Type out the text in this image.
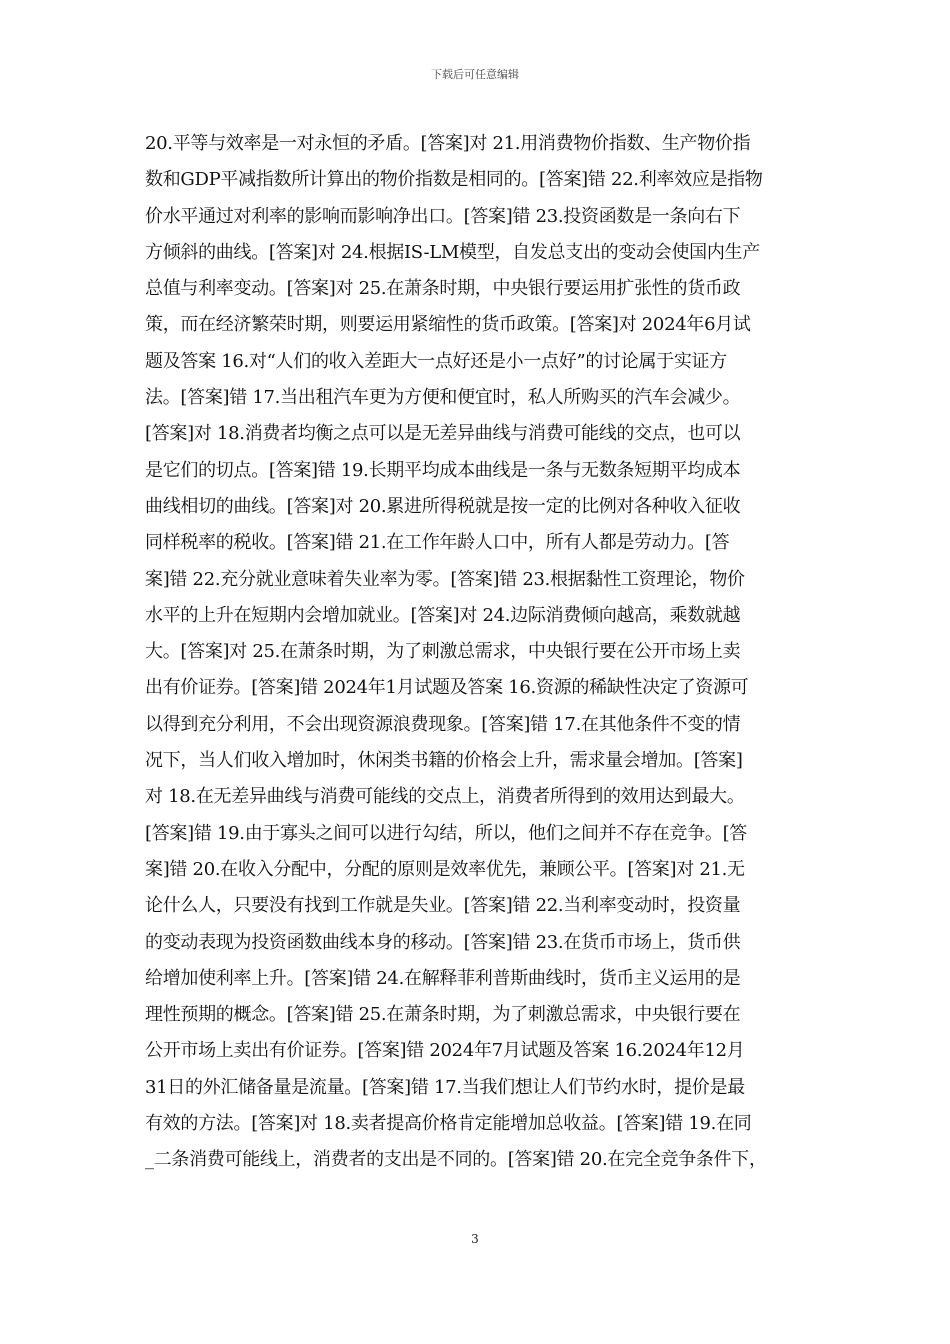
下载后可任意编辑
20.平等与效率是一对永恒的矛盾。[答案]对 21.用消费物价指数、生产物价指
数和GDP平减指数所计算出的物价指数是相同的。[答案]错 22.利率效应是指物
价水平通过对利率的影响而影响净出口。[答案]错 23.投资函数是一条向右下
方倾斜的曲线。[答案]对 24.根据IS-LM模型，自发总支出的变动会使国内生产
总值与利率变动。[答案]对 25.在萧条时期，中央银行要运用扩张性的货币政
策，而在经济繁荣时期，则要运用紧缩性的货币政策。[答案]对 2024年6月试
题及答案 16.对“人们的收入差距大一点好还是小一点好”的讨论属于实证方
法。[答案]错 17.当出租汽车更为方便和便宜时，私人所购买的汽车会减少。
[答案]对 18.消费者均衡之点可以是无差异曲线与消费可能线的交点，也可以
是它们的切点。[答案]错 19.长期平均成本曲线是一条与无数条短期平均成本
曲线相切的曲线。[答案]对 20.累进所得税就是按一定的比例对各种收入征收
同样税率的税收。[答案]错 21.在工作年龄人口中，所有人都是劳动力。[答
案]错 22.充分就业意味着失业率为零。[答案]错 23.根据黏性工资理论，物价
水平的上升在短期内会增加就业。[答案]对 24.边际消费倾向越高，乘数就越
大。[答案]对 25.在萧条时期，为了刺激总需求，中央银行要在公开市场上卖
出有价证券。[答案]错 2024年1月试题及答案 16.资源的稀缺性决定了资源可
以得到充分利用，不会出现资源浪费现象。[答案]错 17.在其他条件不变的情
况下，当人们收入增加时，休闲类书籍的价格会上升，需求量会增加。[答案]
对 18.在无差异曲线与消费可能线的交点上，消费者所得到的效用达到最大。
[答案]错 19.由于寡头之间可以进行勾结，所以，他们之间并不存在竞争。[答
案]错 20.在收入分配中，分配的原则是效率优先，兼顾公平。[答案]对 21.无
论什么人，只要没有找到工作就是失业。[答案]错 22.当利率变动时，投资量
的变动表现为投资函数曲线本身的移动。[答案]错 23.在货币市场上，货币供
给增加使利率上升。[答案]错 24.在解释菲利普斯曲线时，货币主义运用的是
理性预期的概念。[答案]错 25.在萧条时期，为了刺激总需求，中央银行要在
公开市场上卖出有价证券。[答案]错 2024年7月试题及答案 16.2024年12月
31日的外汇储备量是流量。[答案]错 17.当我们想让人们节约水时，提价是最
有效的方法。[答案]对 18.卖者提高价格肯定能增加总收益。[答案]错 19.在同
_二条消费可能线上，消费者的支出是不同的。[答案]错 20.在完全竞争条件下，
3
